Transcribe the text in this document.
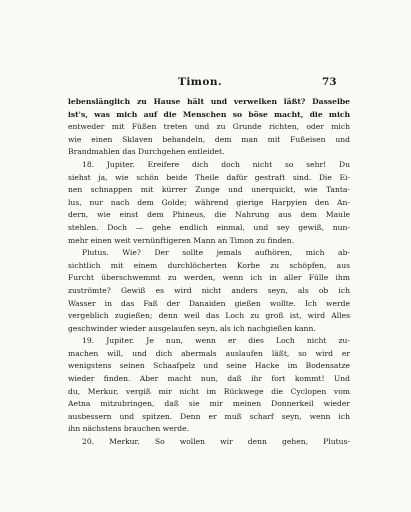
Timon.	73
lebenslänglich zu Hause hält und verwelken läßt? Dasselbe
ist's, was mich auf die Menschen so böse macht, die mich
entweder mit Füßen treten und zu Grunde richten, oder mich
wie einen Sklaven behandeln, dem man mit Fußeisen und
Brandmahlen das Durchgehen entleidet.
18. Jupiter. Ereifere dich doch nicht so sehr! Du
siehst ja, wie schön beide Theile dafür gestraft sind. Die Ei-
nen schnappen mit kürrer Zunge und unerquickt, wie Tanta-
lus, nur nach dem Golde; während gierige Harpyien den An-
dern, wie einst dem Phineus, die Nahrung aus dem Maule
stehlen. Doch — gehe endlich einmal, und sey gewiß, nun-
mehr einen weit vernünftigeren Mann an Timon zu finden.
Plutus. Wie? Der sollte jemals aufhören, mich ab-
sichtlich mit einem durchlöcherten Korbe zu schöpfen, aus
Furcht überschwemmt zu werden, wenn ich in aller Fülle ihm
zuströmte? Gewiß es wird nicht anders seyn, als ob ich
Wasser in das Faß der Danaiden gießen wollte. Ich werde
vergeblich zugießen; denn weil das Loch zu groß ist, wird Alles
geschwinder wieder ausgelaufen seyn, als ich nachgießen kann.
19. Jupiter. Je nun, wenn er dies Loch nicht zu-
machen will, und dich abermals auslaufen läßt, so wird er
wenigstens seinen Schaafpelz und seine Hacke im Bodensatze
wieder finden. Aber macht nun, daß ihr fort kommt! Und
du, Merkur, vergiß mir nicht im Rückwege die Cyclopen vom
Aetna mitzubringen, daß sie mir meinen Donnerkeil wieder
ausbessern und spitzen. Denn er muß scharf seyn, wenn ich
ihn nächstens brauchen werde.
20. Merkur. So wollen wir denn gehen, Plutus-
